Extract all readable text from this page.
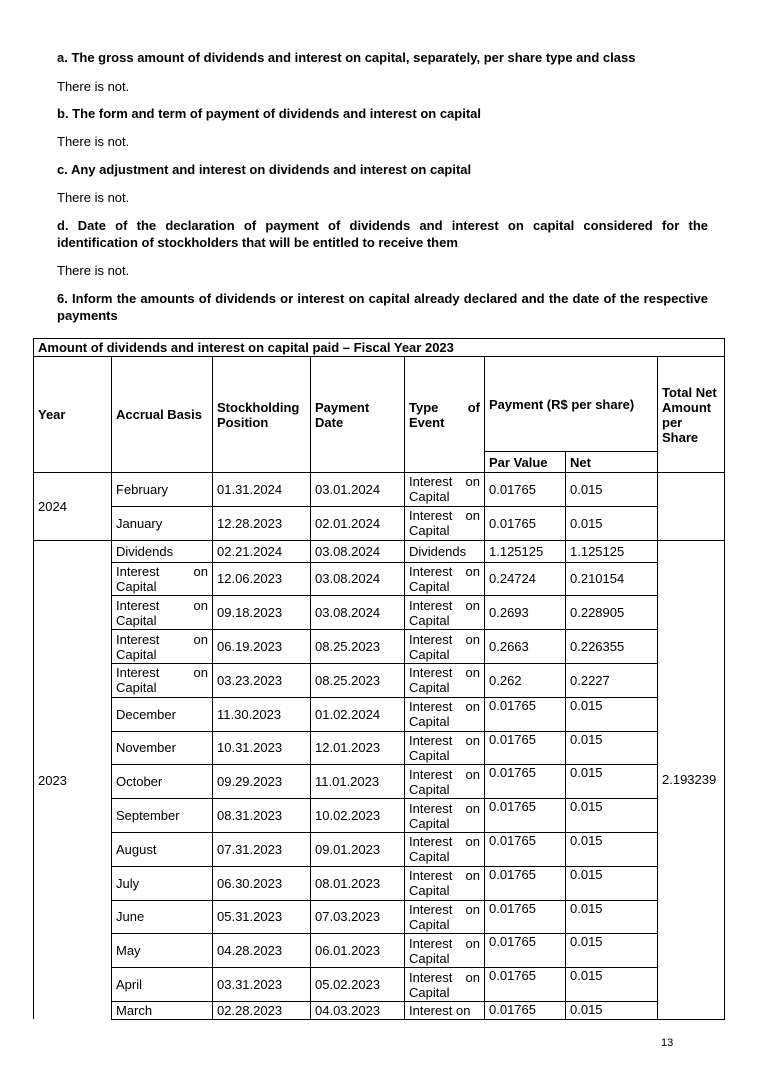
a. The gross amount of dividends and interest on capital, separately, per share type and class
There is not.
b. The form and term of payment of dividends and interest on capital
There is not.
c. Any adjustment and interest on dividends and interest on capital
There is not.
d. Date of the declaration of payment of dividends and interest on capital considered for the identification of stockholders that will be entitled to receive them
There is not.
6. Inform the amounts of dividends or interest on capital already declared and the date of the respective payments
Amount of dividends and interest on capital paid – Fiscal Year 2023							
Year	Accrual Basis	Stockholding Position	Payment Date	Type of Event	Payment (R$ per share)		Total Net Amount per Share
					Par Value	Net	
2024	February	01.31.2024	03.01.2024	Interest on Capital	0.01765	0.015	
	January	12.28.2023	02.01.2024	Interest on Capital	0.01765	0.015	
2023	Dividends	02.21.2024	03.08.2024	Dividends	1.125125	1.125125	2.193239
	Interest on Capital	12.06.2023	03.08.2024	Interest on Capital	0.24724	0.210154	
	Interest on Capital	09.18.2023	03.08.2024	Interest on Capital	0.2693	0.228905	
	Interest on Capital	06.19.2023	08.25.2023	Interest on Capital	0.2663	0.226355	
	Interest on Capital	03.23.2023	08.25.2023	Interest on Capital	0.262	0.2227	
	December	11.30.2023	01.02.2024	Interest on Capital	0.01765	0.015	
	November	10.31.2023	12.01.2023	Interest on Capital	0.01765	0.015	
	October	09.29.2023	11.01.2023	Interest on Capital	0.01765	0.015	
	September	08.31.2023	10.02.2023	Interest on Capital	0.01765	0.015	
	August	07.31.2023	09.01.2023	Interest on Capital	0.01765	0.015	
	July	06.30.2023	08.01.2023	Interest on Capital	0.01765	0.015	
	June	05.31.2023	07.03.2023	Interest on Capital	0.01765	0.015	
	May	04.28.2023	06.01.2023	Interest on Capital	0.01765	0.015	
	April	03.31.2023	05.02.2023	Interest on Capital	0.01765	0.015	
	March	02.28.2023	04.03.2023	Interest on	0.01765	0.015	
13
